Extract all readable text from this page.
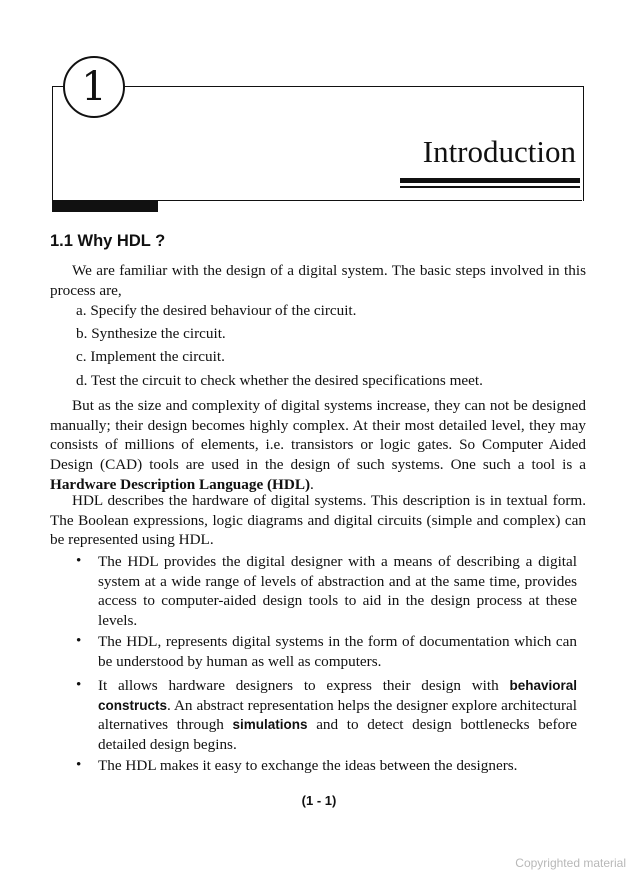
1
Introduction
1.1 Why HDL ?
We are familiar with the design of a digital system. The basic steps involved in this process are,
a. Specify the desired behaviour of the circuit.
b. Synthesize the circuit.
c. Implement the circuit.
d. Test the circuit to check whether the desired specifications meet.
But as the size and complexity of digital systems increase, they can not be designed manually; their design becomes highly complex. At their most detailed level, they may consists of millions of elements, i.e. transistors or logic gates. So Computer Aided Design (CAD) tools are used in the design of such systems. One such a tool is a Hardware Description Language (HDL).
HDL describes the hardware of digital systems. This description is in textual form. The Boolean expressions, logic diagrams and digital circuits (simple and complex) can be represented using HDL.
• The HDL provides the digital designer with a means of describing a digital system at a wide range of levels of abstraction and at the same time, provides access to computer-aided design tools to aid in the design process at these levels.
• The HDL, represents digital systems in the form of documentation which can be understood by human as well as computers.
• It allows hardware designers to express their design with behavioral constructs. An abstract representation helps the designer explore architectural alternatives through simulations and to detect design bottlenecks before detailed design begins.
• The HDL makes it easy to exchange the ideas between the designers.
(1 - 1)
Copyrighted material
